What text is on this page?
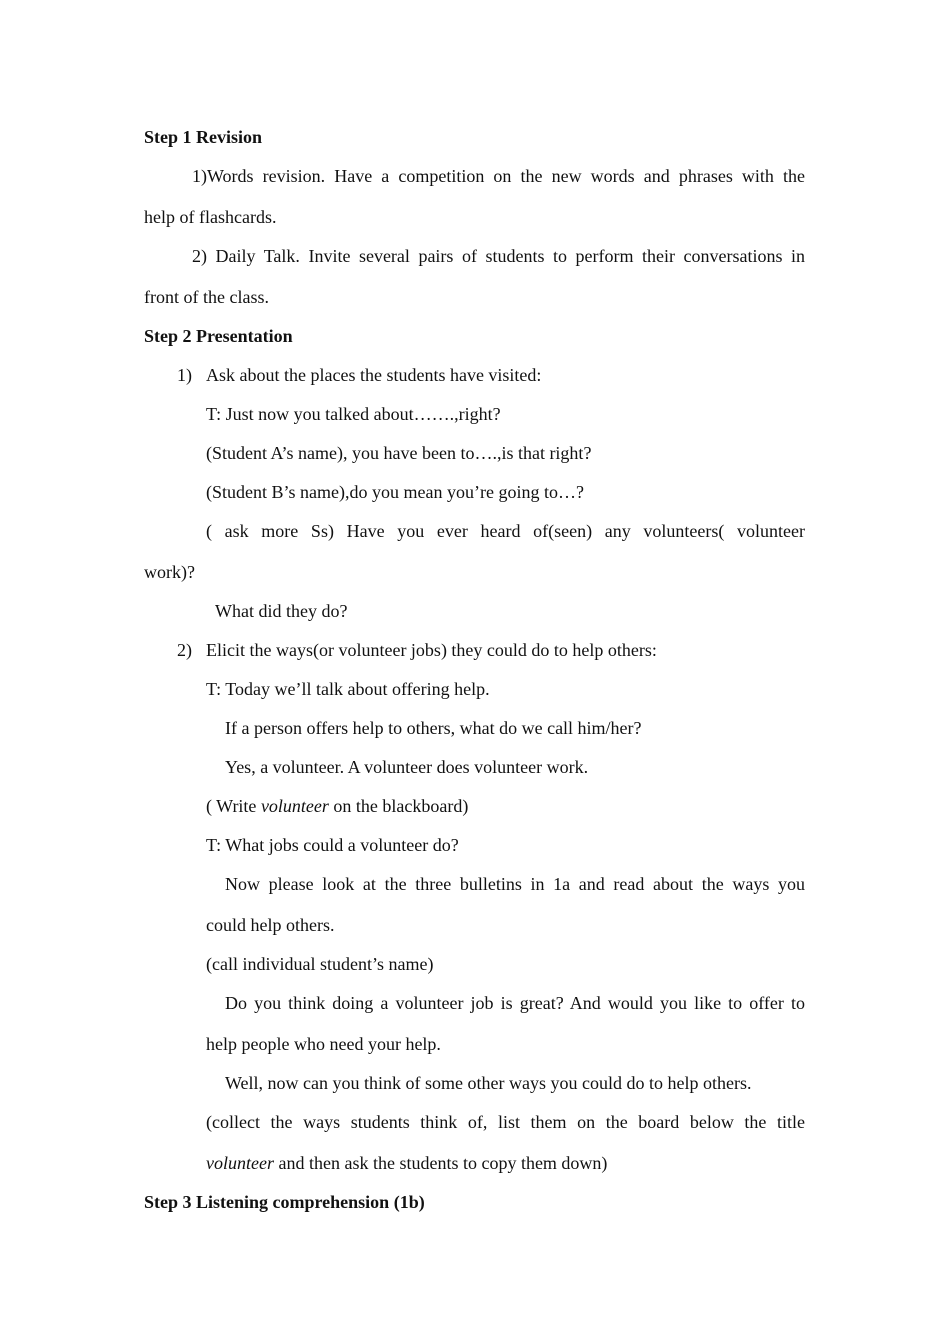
Step 1 Revision
1)Words revision. Have a competition on the new words and phrases with the
help of flashcards.
2) Daily Talk. Invite several pairs of students to perform their conversations in
front of the class.
Step 2 Presentation
1) Ask about the places the students have visited:
T: Just now you talked about…….,right?
(Student A’s name), you have been to….,is that right?
(Student B’s name),do you mean you’re going to…?
( ask more Ss) Have you ever heard of(seen) any volunteers( volunteer
work)?
What did they do?
2) Elicit the ways(or volunteer jobs) they could do to help others:
T: Today we’ll talk about offering help.
If a person offers help to others, what do we call him/her?
Yes, a volunteer. A volunteer does volunteer work.
( Write volunteer on the blackboard)
T: What jobs could a volunteer do?
Now please look at the three bulletins in 1a and read about the ways you
could help others.
(call individual student’s name)
Do you think doing a volunteer job is great? And would you like to offer to
help people who need your help.
Well, now can you think of some other ways you could do to help others.
(collect the ways students think of, list them on the board below the title
volunteer and then ask the students to copy them down)
Step 3 Listening comprehension (1b)
